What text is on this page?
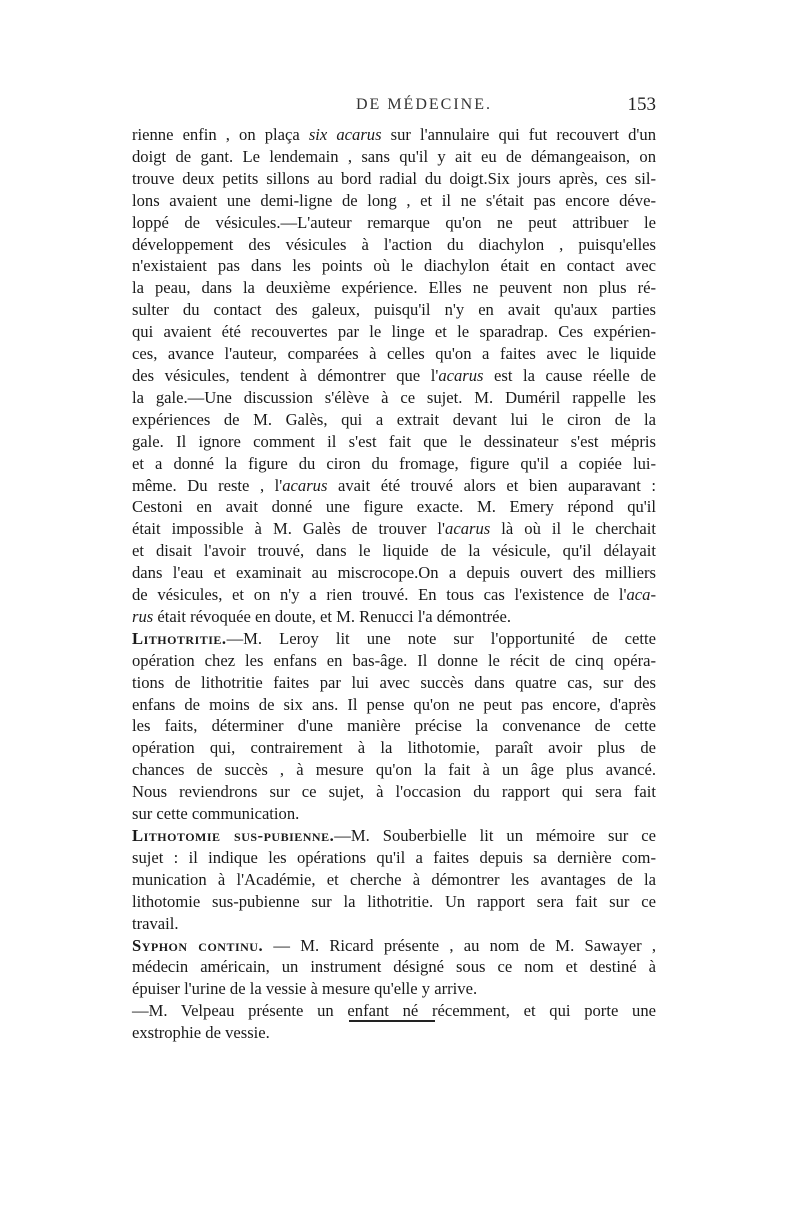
DE MÉDECINE.	153

rienne enfin , on plaça six acarus sur l'annulaire qui fut recouvert d'un
doigt de gant. Le lendemain , sans qu'il y ait eu de démangeaison, on
trouve deux petits sillons au bord radial du doigt.Six jours après, ces sil-
lons avaient une demi-ligne de long , et il ne s'était pas encore déve-
loppé de vésicules.—L'auteur remarque qu'on ne peut attribuer le
développement des vésicules à l'action du diachylon , puisqu'elles
n'existaient pas dans les points où le diachylon était en contact avec
la peau, dans la deuxième expérience. Elles ne peuvent non plus ré-
sulter du contact des galeux, puisqu'il n'y en avait qu'aux parties
qui avaient été recouvertes par le linge et le sparadrap. Ces expérien-
ces, avance l'auteur, comparées à celles qu'on a faites avec le liquide
des vésicules, tendent à démontrer que l'acarus est la cause réelle de
la gale.—Une discussion s'élève à ce sujet. M. Duméril rappelle les
expériences de M. Galès, qui a extrait devant lui le ciron de la
gale. Il ignore comment il s'est fait que le dessinateur s'est mépris
et a donné la figure du ciron du fromage, figure qu'il a copiée lui-
même. Du reste , l'acarus avait été trouvé alors et bien auparavant :
Cestoni en avait donné une figure exacte. M. Emery répond qu'il
était impossible à M. Galès de trouver l'acarus là où il le cherchait
et disait l'avoir trouvé, dans le liquide de la vésicule, qu'il délayait
dans l'eau et examinait au miscrocope.On a depuis ouvert des milliers
de vésicules, et on n'y a rien trouvé. En tous cas l'existence de l'aca-
rus était révoquée en doute, et M. Renucci l'a démontrée.

Lithotritie.—M. Leroy lit une note sur l'opportunité de cette
opération chez les enfans en bas-âge. Il donne le récit de cinq opéra-
tions de lithotritie faites par lui avec succès dans quatre cas, sur des
enfans de moins de six ans. Il pense qu'on ne peut pas encore, d'après
les faits, déterminer d'une manière précise la convenance de cette
opération qui, contrairement à la lithotomie, paraît avoir plus de
chances de succès , à mesure qu'on la fait à un âge plus avancé.
Nous reviendrons sur ce sujet, à l'occasion du rapport qui sera fait
sur cette communication.

Lithotomie sus-pubienne.—M. Souberbielle lit un mémoire sur ce
sujet : il indique les opérations qu'il a faites depuis sa dernière com-
munication à l'Académie, et cherche à démontrer les avantages de la
lithotomie sus-pubienne sur la lithotritie. Un rapport sera fait sur ce
travail.

Syphon continu. — M. Ricard présente , au nom de M. Sawayer ,
médecin américain, un instrument désigné sous ce nom et destiné à
épuiser l'urine de la vessie à mesure qu'elle y arrive.

—M. Velpeau présente un enfant né récemment, et qui porte une
exstrophie de vessie.
